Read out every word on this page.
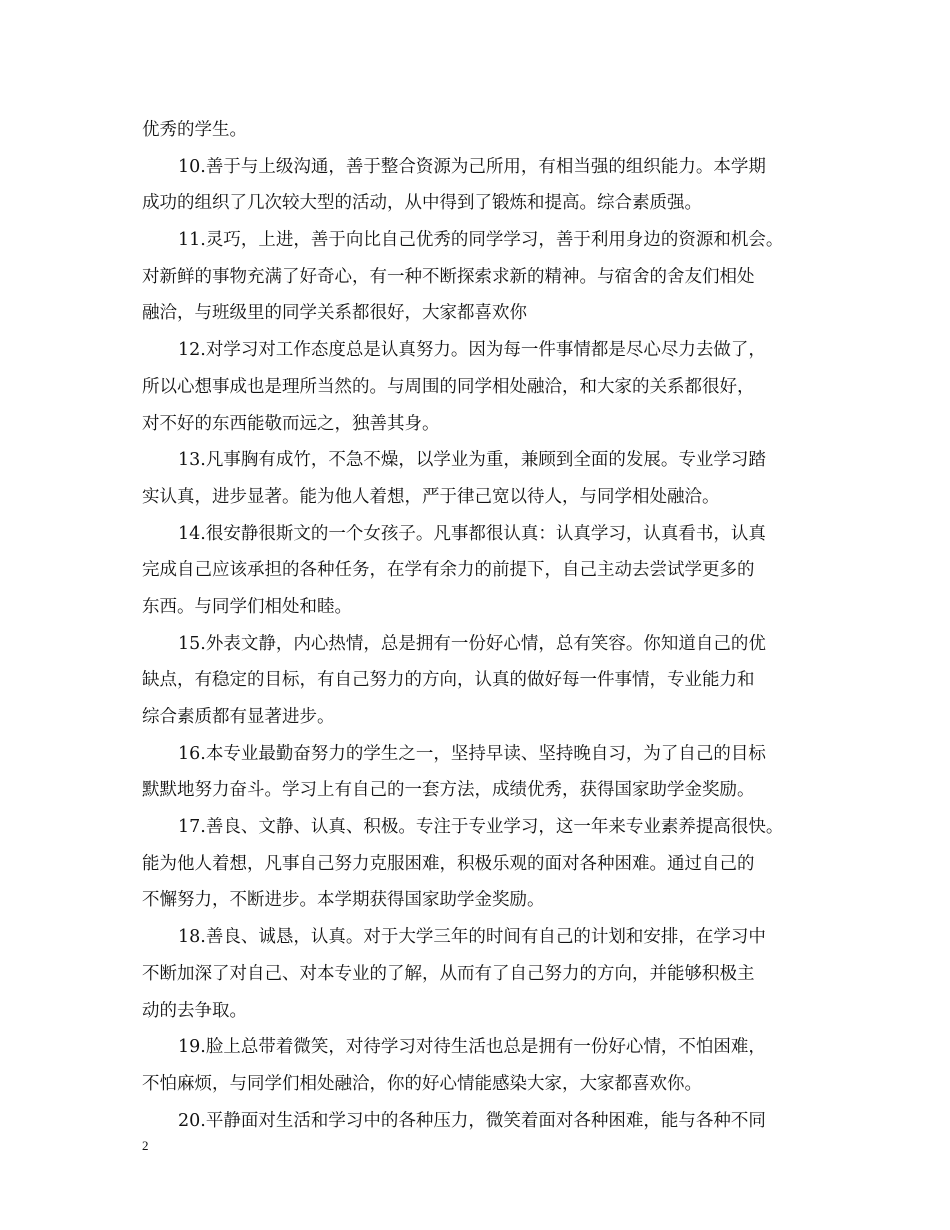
优秀的学生。
10.善于与上级沟通，善于整合资源为己所用，有相当强的组织能力。本学期
成功的组织了几次较大型的活动，从中得到了锻炼和提高。综合素质强。
11.灵巧，上进，善于向比自己优秀的同学学习，善于利用身边的资源和机会。
对新鲜的事物充满了好奇心，有一种不断探索求新的精神。与宿舍的舍友们相处
融洽，与班级里的同学关系都很好，大家都喜欢你
12.对学习对工作态度总是认真努力。因为每一件事情都是尽心尽力去做了，
所以心想事成也是理所当然的。与周围的同学相处融洽，和大家的关系都很好，
对不好的东西能敬而远之，独善其身。
13.凡事胸有成竹，不急不燥，以学业为重，兼顾到全面的发展。专业学习踏
实认真，进步显著。能为他人着想，严于律己宽以待人，与同学相处融洽。
14.很安静很斯文的一个女孩子。凡事都很认真：认真学习，认真看书，认真
完成自己应该承担的各种任务，在学有余力的前提下，自己主动去尝试学更多的
东西。与同学们相处和睦。
15.外表文静，内心热情，总是拥有一份好心情，总有笑容。你知道自己的优
缺点，有稳定的目标，有自己努力的方向，认真的做好每一件事情，专业能力和
综合素质都有显著进步。
16.本专业最勤奋努力的学生之一，坚持早读、坚持晚自习，为了自己的目标
默默地努力奋斗。学习上有自己的一套方法，成绩优秀，获得国家助学金奖励。
17.善良、文静、认真、积极。专注于专业学习，这一年来专业素养提高很快。
能为他人着想，凡事自己努力克服困难，积极乐观的面对各种困难。通过自己的
不懈努力，不断进步。本学期获得国家助学金奖励。
18.善良、诚恳，认真。对于大学三年的时间有自己的计划和安排，在学习中
不断加深了对自己、对本专业的了解，从而有了自己努力的方向，并能够积极主
动的去争取。
19.脸上总带着微笑，对待学习对待生活也总是拥有一份好心情，不怕困难，
不怕麻烦，与同学们相处融洽，你的好心情能感染大家，大家都喜欢你。
20.平静面对生活和学习中的各种压力，微笑着面对各种困难，能与各种不同
2
